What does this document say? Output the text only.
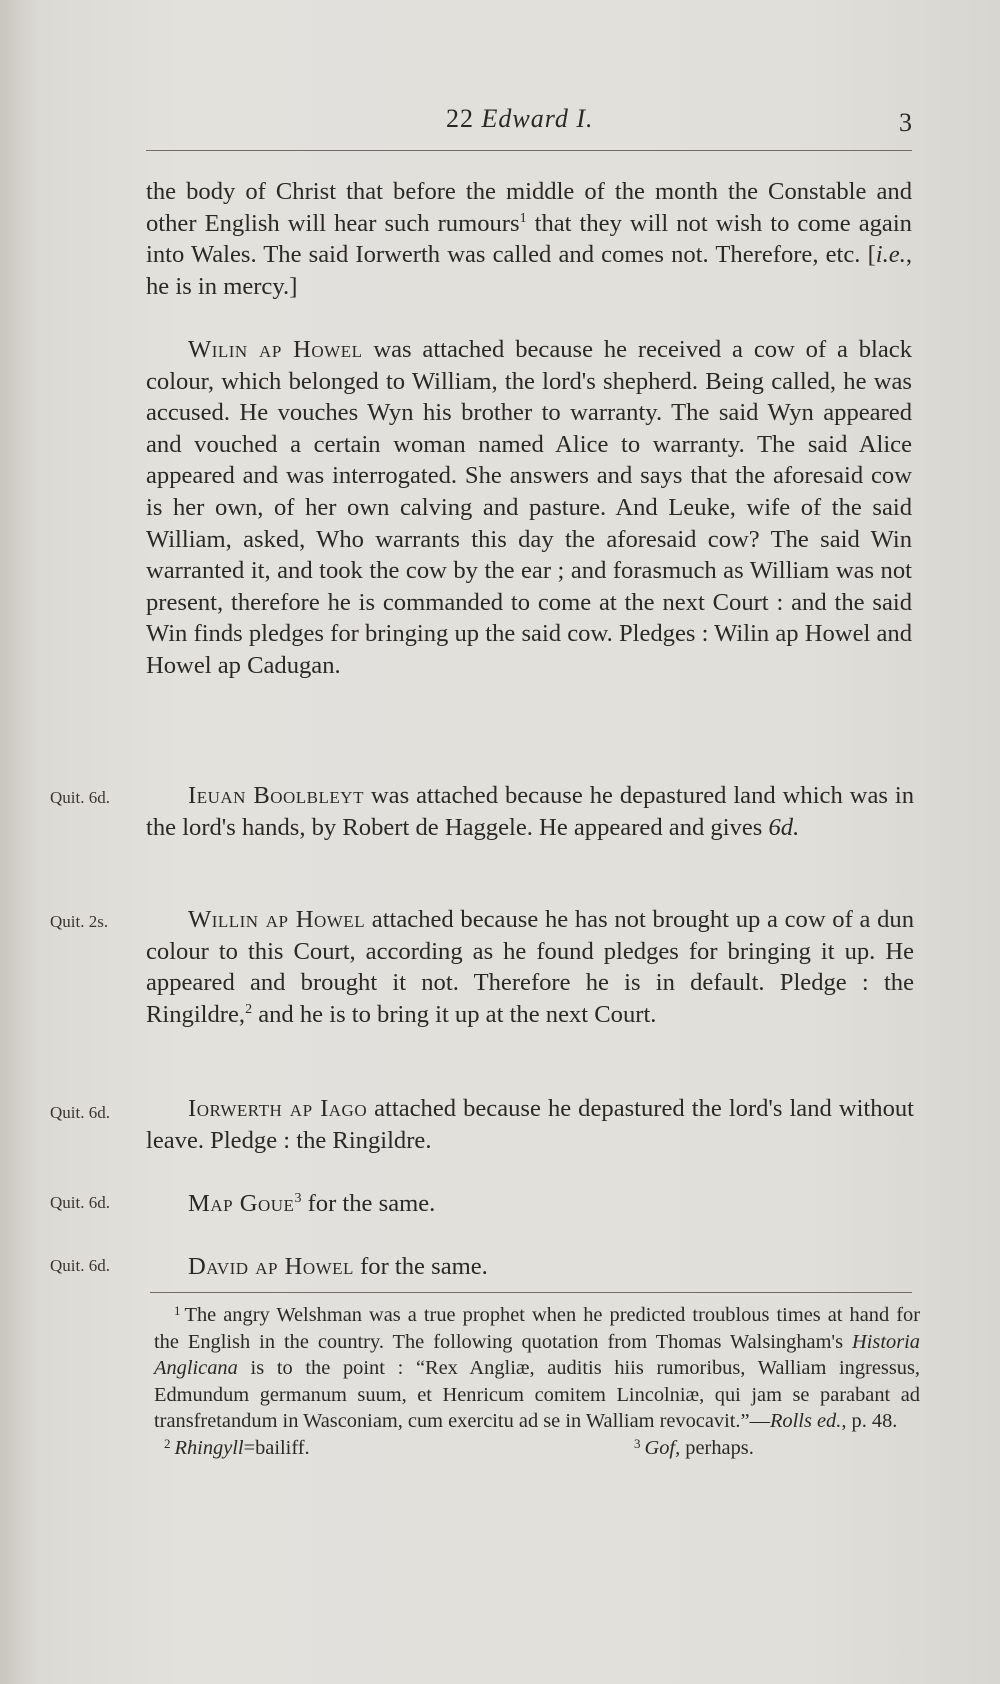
22 Edward I.	3
the body of Christ that before the middle of the month the Constable and other English will hear such rumours$^1$ that they will not wish to come again into Wales. The said Iorwerth was called and comes not. Therefore, etc. [i.e., he is in mercy.]
Wilin ap Howel was attached because he received a cow of a black colour, which belonged to William, the lord's shepherd. Being called, he was accused. He vouches Wyn his brother to warranty. The said Wyn appeared and vouched a certain woman named Alice to warranty. The said Alice appeared and was interrogated. She answers and says that the aforesaid cow is her own, of her own calving and pasture. And Leuke, wife of the said William, asked, Who warrants this day the aforesaid cow? The said Win warranted it, and took the cow by the ear ; and forasmuch as William was not present, therefore he is commanded to come at the next Court : and the said Win finds pledges for bringing up the said cow. Pledges : Wilin ap Howel and Howel ap Cadugan.
Quit. 6d.	Ieuan Boolbleyt was attached because he depastured land which was in the lord's hands, by Robert de Haggele. He appeared and gives 6d.
Quit. 2s.	Willin ap Howel attached because he has not brought up a cow of a dun colour to this Court, according as he found pledges for bringing it up. He appeared and brought it not. Therefore he is in default. Pledge : the Ringildre,$^2$ and he is to bring it up at the next Court.
Quit. 6d.	Iorwerth ap Iago attached because he depastured the lord's land without leave. Pledge : the Ringildre.
Quit. 6d.	Map Goue$^3$ for the same.
Quit. 6d.	David ap Howel for the same.
$^1$ The angry Welshman was a true prophet when he predicted troublous times at hand for the English in the country. The following quotation from Thomas Walsingham's Historia Anglicana is to the point : “Rex Angliæ, auditis hiis rumoribus, Walliam ingressus, Edmundum germanum suum, et Henricum comitem Lincolniæ, qui jam se parabant ad transfretandum in Wasconiam, cum exercitu ad se in Walliam revocavit.”—Rolls ed., p. 48.
$^2$ Rhingyll=bailiff.	$^3$ Gof, perhaps.
